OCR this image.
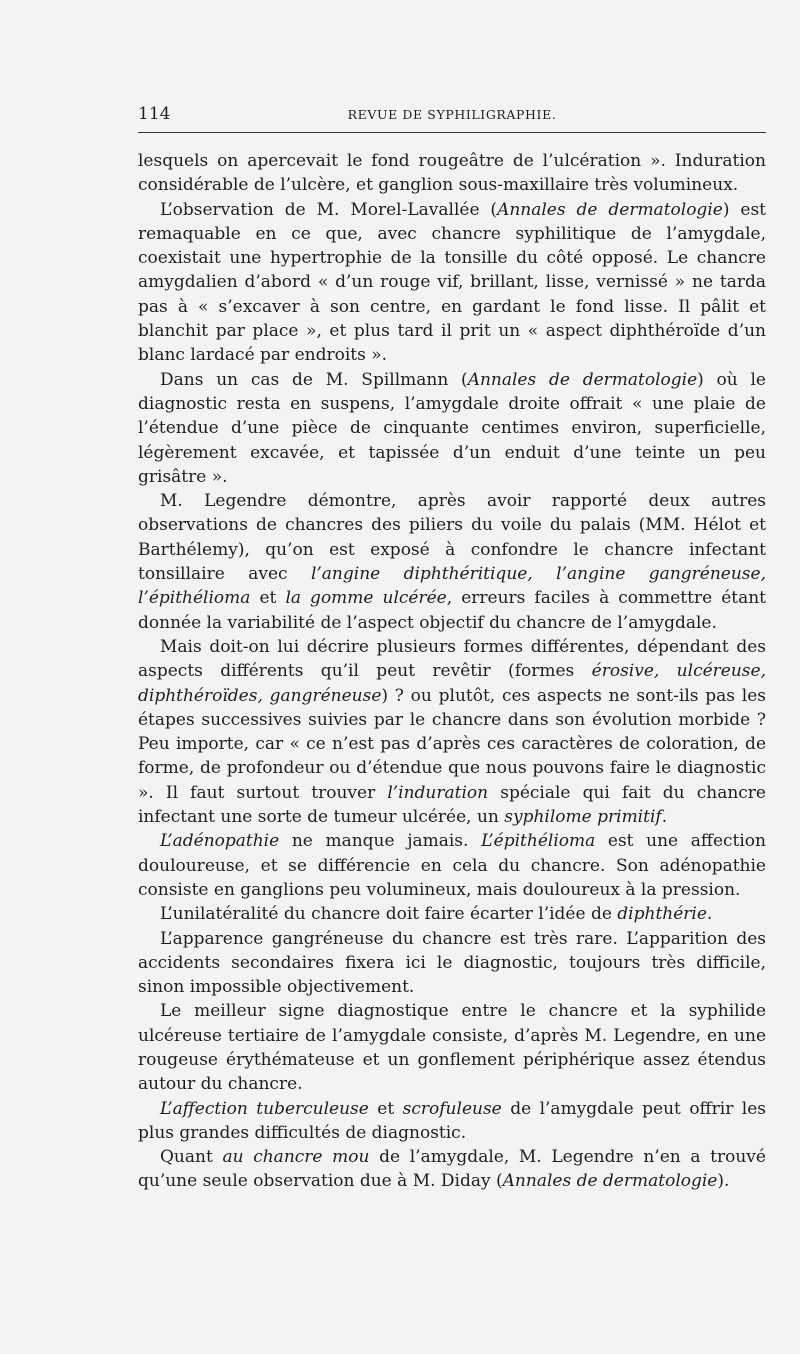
114	REVUE DE SYPHILIGRAPHIE.

lesquels on apercevait le fond rougeâtre de l’ulcération ». Induration considérable de l’ulcère, et ganglion sous-maxillaire très volumineux.

L’observation de M. Morel-Lavallée (Annales de dermatologie) est remaquable en ce que, avec chancre syphilitique de l’amygdale, coexistait une hypertrophie de la tonsille du côté opposé. Le chancre amygdalien d’abord « d’un rouge vif, brillant, lisse, vernissé » ne tarda pas à « s’excaver à son centre, en gardant le fond lisse. Il pâlit et blanchit par place », et plus tard il prit un « aspect diphthéroïde d’un blanc lardacé par endroits ».

Dans un cas de M. Spillmann (Annales de dermatologie) où le diagnostic resta en suspens, l’amygdale droite offrait « une plaie de l’étendue d’une pièce de cinquante centimes environ, superficielle, légèrement excavée, et tapissée d’un enduit d’une teinte un peu grisâtre ».

M. Legendre démontre, après avoir rapporté deux autres observations de chancres des piliers du voile du palais (MM. Hélot et Barthélemy), qu’on est exposé à confondre le chancre infectant tonsillaire avec l’angine diphthéritique, l’angine gangréneuse, l’épithélioma et la gomme ulcérée, erreurs faciles à commettre étant donnée la variabilité de l’aspect objectif du chancre de l’amygdale.

Mais doit-on lui décrire plusieurs formes différentes, dépendant des aspects différents qu’il peut revêtir (formes érosive, ulcéreuse, diphthéroïdes, gangréneuse) ? ou plutôt, ces aspects ne sont-ils pas les étapes successives suivies par le chancre dans son évolution morbide ? Peu importe, car « ce n’est pas d’après ces caractères de coloration, de forme, de profondeur ou d’étendue que nous pouvons faire le diagnostic ». Il faut surtout trouver l’induration spéciale qui fait du chancre infectant une sorte de tumeur ulcérée, un syphilome primitif.

L’adénopathie ne manque jamais. L’épithélioma est une affection douloureuse, et se différencie en cela du chancre. Son adénopathie consiste en ganglions peu volumineux, mais douloureux à la pression.

L’unilatéralité du chancre doit faire écarter l’idée de diphthérie.

L’apparence gangréneuse du chancre est très rare. L’apparition des accidents secondaires fixera ici le diagnostic, toujours très difficile, sinon impossible objectivement.

Le meilleur signe diagnostique entre le chancre et la syphilide ulcéreuse tertiaire de l’amygdale consiste, d’après M. Legendre, en une rougeuse érythémateuse et un gonflement périphérique assez étendus autour du chancre.

L’affection tuberculeuse et scrofuleuse de l’amygdale peut offrir les plus grandes difficultés de diagnostic.

Quant au chancre mou de l’amygdale, M. Legendre n’en a trouvé qu’une seule observation due à M. Diday (Annales de dermatologie).
